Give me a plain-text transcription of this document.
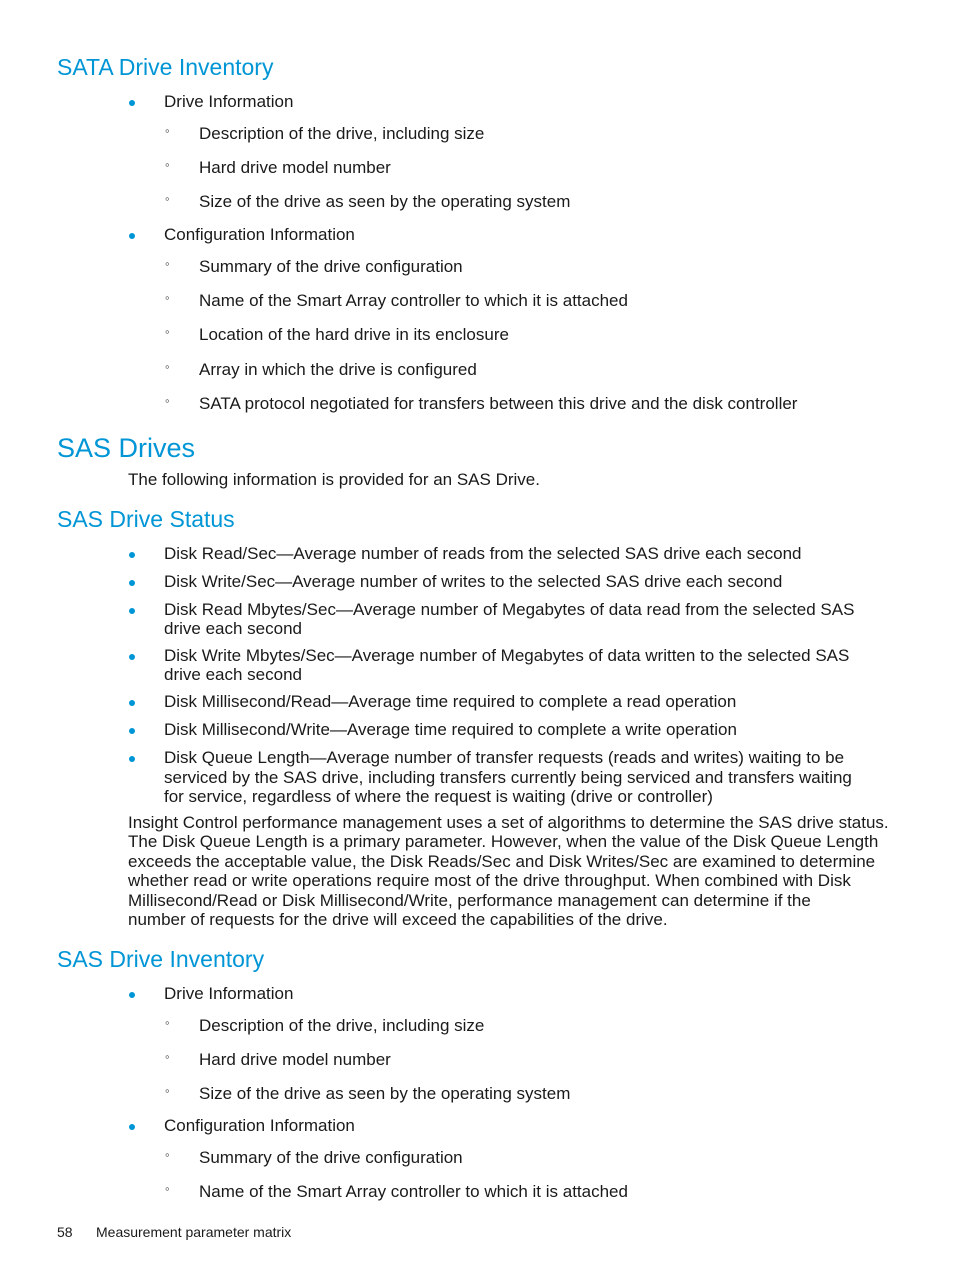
SATA Drive Inventory
Drive Information
◦ Description of the drive, including size
◦ Hard drive model number
◦ Size of the drive as seen by the operating system
Configuration Information
◦ Summary of the drive configuration
◦ Name of the Smart Array controller to which it is attached
◦ Location of the hard drive in its enclosure
◦ Array in which the drive is configured
◦ SATA protocol negotiated for transfers between this drive and the disk controller
SAS Drives
The following information is provided for an SAS Drive.
SAS Drive Status
Disk Read/Sec—Average number of reads from the selected SAS drive each second
Disk Write/Sec—Average number of writes to the selected SAS drive each second
Disk Read Mbytes/Sec—Average number of Megabytes of data read from the selected SAS
drive each second
Disk Write Mbytes/Sec—Average number of Megabytes of data written to the selected SAS
drive each second
Disk Millisecond/Read—Average time required to complete a read operation
Disk Millisecond/Write—Average time required to complete a write operation
Disk Queue Length—Average number of transfer requests (reads and writes) waiting to be
serviced by the SAS drive, including transfers currently being serviced and transfers waiting
for service, regardless of where the request is waiting (drive or controller)
Insight Control performance management uses a set of algorithms to determine the SAS drive status.
The Disk Queue Length is a primary parameter. However, when the value of the Disk Queue Length
exceeds the acceptable value, the Disk Reads/Sec and Disk Writes/Sec are examined to determine
whether read or write operations require most of the drive throughput. When combined with Disk
Millisecond/Read or Disk Millisecond/Write, performance management can determine if the
number of requests for the drive will exceed the capabilities of the drive.
SAS Drive Inventory
Drive Information
◦ Description of the drive, including size
◦ Hard drive model number
◦ Size of the drive as seen by the operating system
Configuration Information
◦ Summary of the drive configuration
◦ Name of the Smart Array controller to which it is attached
58 Measurement parameter matrix
